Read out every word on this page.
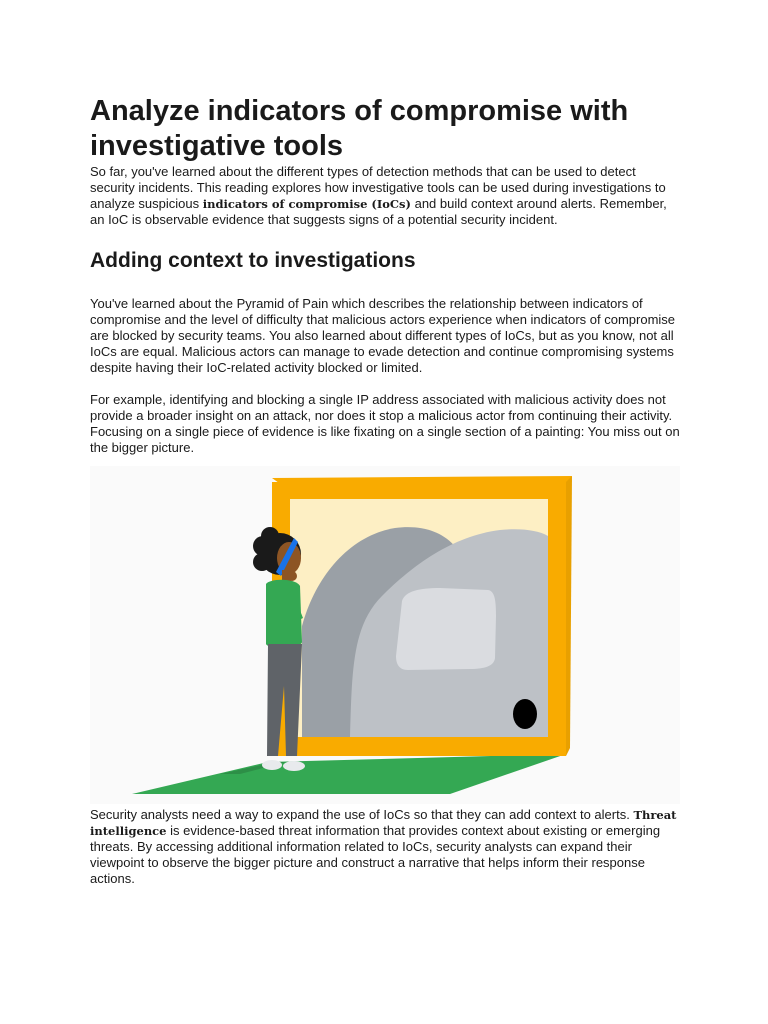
Analyze indicators of compromise with investigative tools

So far, you've learned about the different types of detection methods that can be used to detect security incidents. This reading explores how investigative tools can be used during investigations to analyze suspicious indicators of compromise (IoCs) and build context around alerts. Remember, an IoC is observable evidence that suggests signs of a potential security incident.

Adding context to investigations

You've learned about the Pyramid of Pain which describes the relationship between indicators of compromise and the level of difficulty that malicious actors experience when indicators of compromise are blocked by security teams. You also learned about different types of IoCs, but as you know, not all IoCs are equal. Malicious actors can manage to evade detection and continue compromising systems despite having their IoC-related activity blocked or limited.

For example, identifying and blocking a single IP address associated with malicious activity does not provide a broader insight on an attack, nor does it stop a malicious actor from continuing their activity. Focusing on a single piece of evidence is like fixating on a single section of a painting: You miss out on the bigger picture.

Security analysts need a way to expand the use of IoCs so that they can add context to alerts. Threat intelligence is evidence-based threat information that provides context about existing or emerging threats. By accessing additional information related to IoCs, security analysts can expand their viewpoint to observe the bigger picture and construct a narrative that helps inform their response actions.
